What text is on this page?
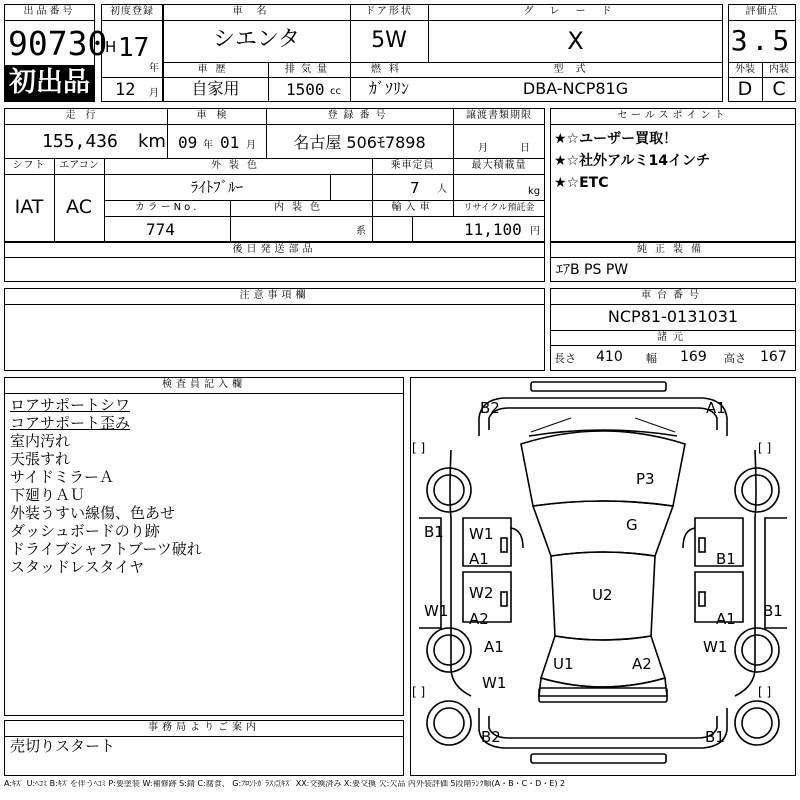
出品番号
90730
初出品
初度登録
H 17
年
12 月
車名
シエンタ
ドア形状
5W
グレード
X
車歴
自家用
排気量
1500 cc
燃料
ｶﾞｿﾘﾝ
型式
DBA-NCP81G
評価点
3.5
外装	内装
D	C
走行
155,436 km
車検
09 年 01 月
登録番号
名古屋 506ﾓ7898
譲渡書類期限
月	日
シフト
IAT
エアコン
AC
外装色
ﾗｲﾄﾌﾞﾙｰ
乗車定員
7 人
最大積載量
kg
カラーNo.
774
内装色
系
輸入車	リサイクル預託金
11,100 円
セールスポイント
★☆ユーザー買取！
★☆社外アルミ14インチ
★☆ETC
後日発送部品	純正装備
ｴｱB PS PW
注意事項欄	車台番号
NCP81-0131031
諸元
長さ 410 幅 169 高さ 167
検査員記入欄
ロアサポートシワ
コアサポート歪み
室内汚れ
天張すれ
サイドミラーＡ
下廻りＡＵ
外装うすい線傷、色あせ
ダッシュボードのり跡
ドライブシャフトブーツ破れ
スタッドレスタイヤ
事務局よりご案内
売切りスタート
[ ]	[ ]
[ ]	[ ]
B2	A1
P3
G
B1 W1
A1	B1
W2	U2
A2
W1	B1
A1
A1	W1
U1	A2
W1
B2	B1
A:ｷｽﾞ U:ﾍｺﾐ B:ｷｽﾞを伴うﾍｺﾐ P:要塗装 W:補修跡 S:錆 C:腐食、 G:ﾌﾛﾝﾄｶﾞﾗｽ点ｷｽﾞ XX:交換済み X:要交換 欠:欠品 内外装評価 5段階ﾗﾝｸ順(A・B・C・D・E) 2
